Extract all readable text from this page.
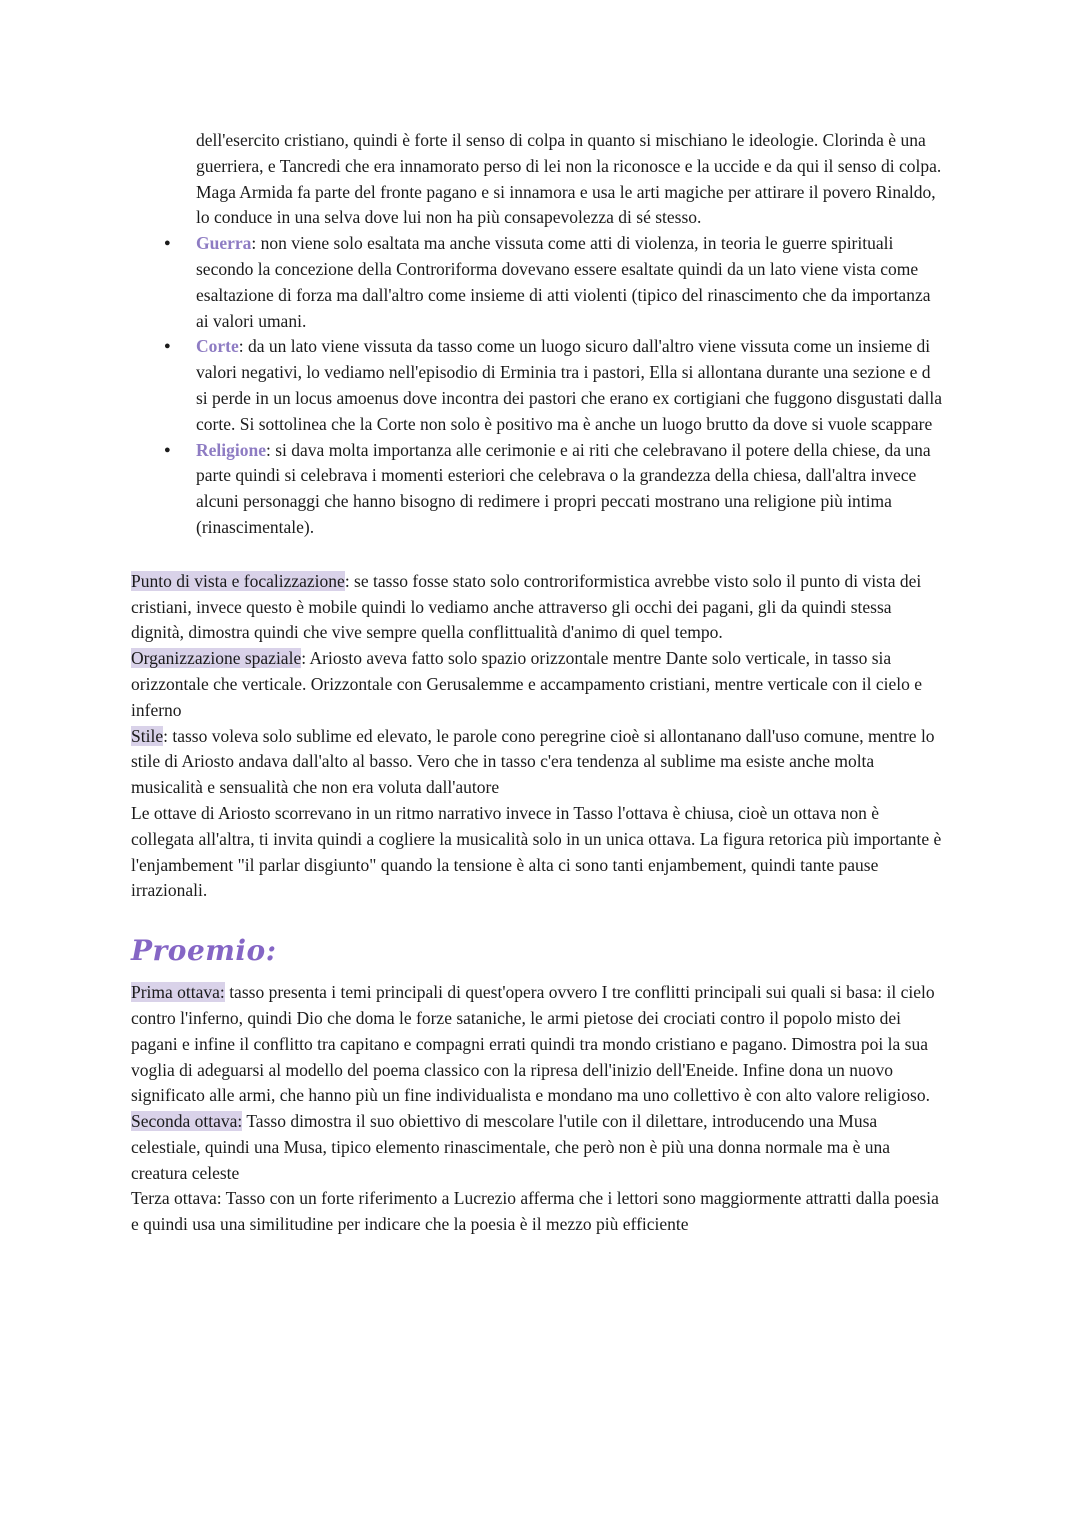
dell'esercito cristiano, quindi è forte il senso di colpa in quanto si mischiano le ideologie. Clorinda è una guerriera, e Tancredi che era innamorato perso di lei non la riconosce e la uccide e da qui il senso di colpa. Maga Armida fa parte del fronte pagano e si innamora e usa le arti magiche per attirare il povero Rinaldo, lo conduce in una selva dove lui non ha più consapevolezza di sé stesso.

● Guerra: non viene solo esaltata ma anche vissuta come atti di violenza, in teoria le guerre spirituali secondo la concezione della Controriforma dovevano essere esaltate quindi da un lato viene vista come esaltazione di forza ma dall'altro come insieme di atti violenti (tipico del rinascimento che da importanza ai valori umani.
● Corte: da un lato viene vissuta da tasso come un luogo sicuro dall'altro viene vissuta come un insieme di valori negativi, lo vediamo nell'episodio di Erminia tra i pastori, Ella si allontana durante una sezione e d si perde in un locus amoenus dove incontra dei pastori che erano ex cortigiani che fuggono disgustati dalla corte. Si sottolinea che la Corte non solo è positivo ma è anche un luogo brutto da dove si vuole scappare
● Religione: si dava molta importanza alle cerimonie e ai riti che celebravano il potere della chiese, da una parte quindi si celebrava i momenti esteriori che celebrava o la grandezza della chiesa, dall'altra invece alcuni personaggi che hanno bisogno di redimere i propri peccati mostrano una religione più intima (rinascimentale).

Punto di vista e focalizzazione: se tasso fosse stato solo controriformistica avrebbe visto solo il punto di vista dei cristiani, invece questo è mobile quindi lo vediamo anche attraverso gli occhi dei pagani, gli da quindi stessa dignità, dimostra quindi che vive sempre quella conflittualità d'animo di quel tempo.

Organizzazione spaziale: Ariosto aveva fatto solo spazio orizzontale mentre Dante solo verticale, in tasso sia orizzontale che verticale. Orizzontale con Gerusalemme e accampamento cristiani, mentre verticale con il cielo e inferno

Stile: tasso voleva solo sublime ed elevato, le parole cono peregrine cioè si allontanano dall'uso comune, mentre lo stile di Ariosto andava dall'alto al basso. Vero che in tasso c'era tendenza al sublime ma esiste anche molta musicalità e sensualità che non era voluta dall'autore

Le ottave di Ariosto scorrevano in un ritmo narrativo invece in Tasso l'ottava è chiusa, cioè un ottava non è collegata all'altra, ti invita quindi a cogliere la musicalità solo in un unica ottava. La figura retorica più importante è l'enjambement "il parlar disgiunto" quando la tensione è alta ci sono tanti enjambement, quindi tante pause irrazionali.

Proemio:

Prima ottava: tasso presenta i temi principali di quest'opera ovvero I tre conflitti principali sui quali si basa: il cielo contro l'inferno, quindi Dio che doma le forze sataniche, le armi pietose dei crociati contro il popolo misto dei pagani e infine il conflitto tra capitano e compagni errati quindi tra mondo cristiano e pagano. Dimostra poi la sua voglia di adeguarsi al modello del poema classico con la ripresa dell'inizio dell'Eneide. Infine dona un nuovo significato alle armi, che hanno più un fine individualista e mondano ma uno collettivo è con alto valore religioso.

Seconda ottava: Tasso dimostra il suo obiettivo di mescolare l'utile con il dilettare, introducendo una Musa celestiale, quindi una Musa, tipico elemento rinascimentale, che però non è più una donna normale ma è una creatura celeste

Terza ottava: Tasso con un forte riferimento a Lucrezio afferma che i lettori sono maggiormente attratti dalla poesia e quindi usa una similitudine per indicare che la poesia è il mezzo più efficiente
